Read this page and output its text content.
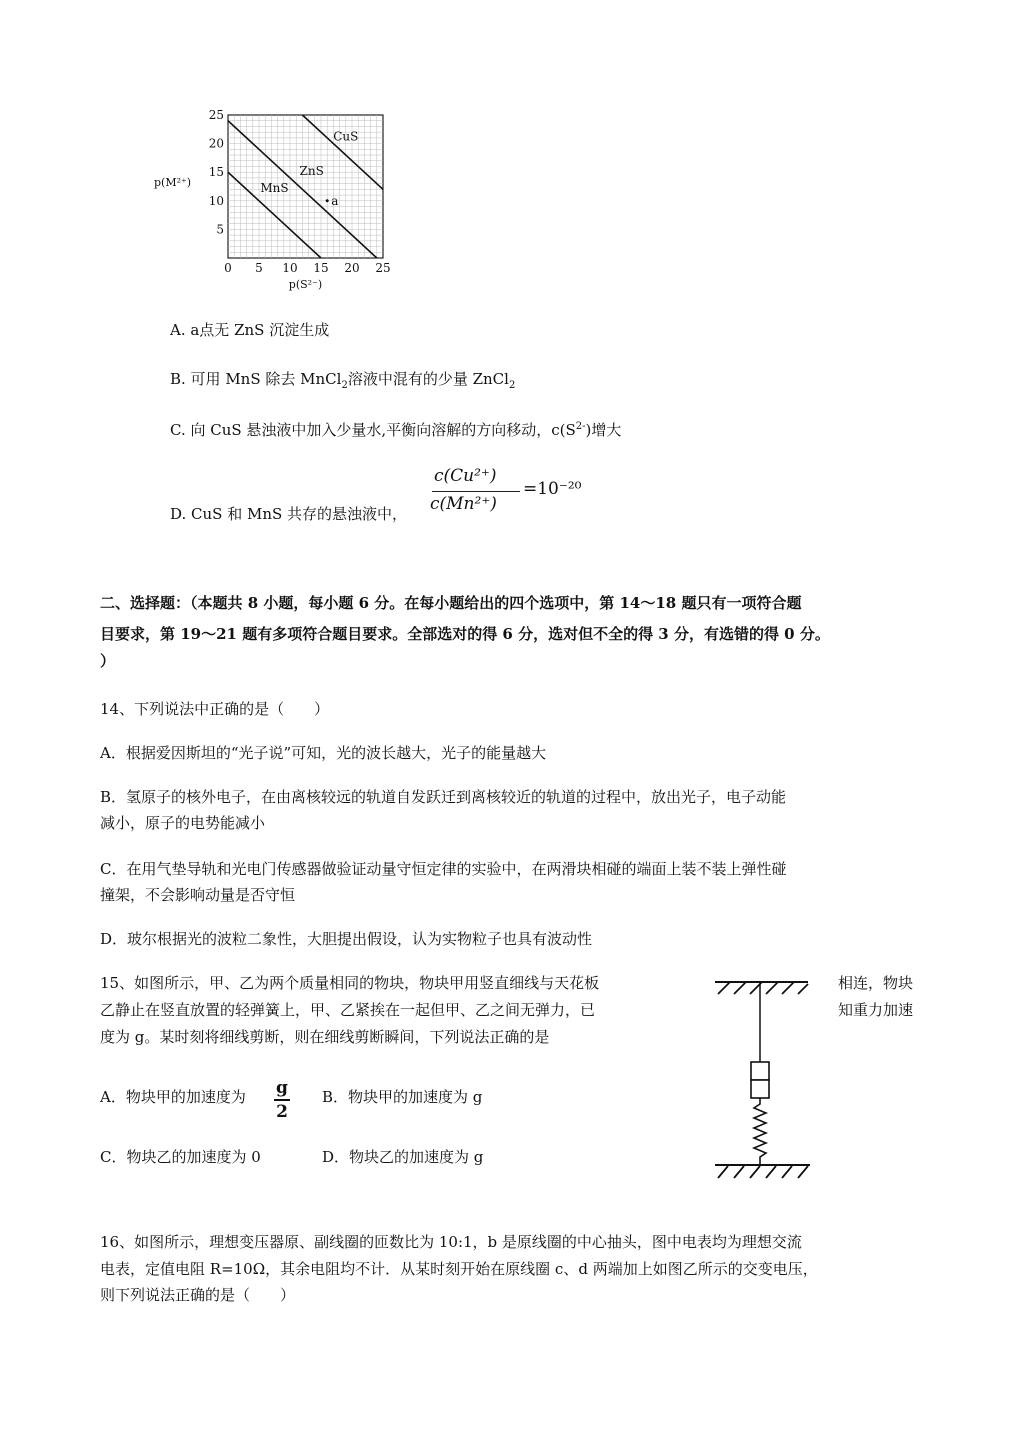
MnS
ZnS
CuS
a
0 5 10 15 20 25
5
10
15
20
25
p(M²⁺)
p(S²⁻)
A. a点无 ZnS 沉淀生成
B. 可用 MnS 除去 MnCl$_2$溶液中混有的少量 ZnCl$_2$
C. 向 CuS 悬浊液中加入少量水,平衡向溶解的方向移动，$c(S^{2-})$增大
D. CuS 和 MnS 共存的悬浊液中，
c(Cu²⁺)
c(Mn²⁺)
=10⁻²⁰
二、选择题：（本题共 8 小题，每小题 6 分。在每小题给出的四个选项中，第 14～18 题只有一项符合题
目要求，第 19～21 题有多项符合题目要求。全部选对的得 6 分，选对但不全的得 3 分，有选错的得 0 分。
）
14、下列说法中正确的是（　　）
A．根据爱因斯坦的“光子说”可知，光的波长越大，光子的能量越大
B．氢原子的核外电子，在由离核较远的轨道自发跃迁到离核较近的轨道的过程中，放出光子，电子动能
减小，原子的电势能减小
C．在用气垫导轨和光电门传感器做验证动量守恒定律的实验中，在两滑块相碰的端面上装不装上弹性碰
撞架，不会影响动量是否守恒
D．玻尔根据光的波粒二象性，大胆提出假设，认为实物粒子也具有波动性
15、如图所示，甲、乙为两个质量相同的物块，物块甲用竖直细线与天花板	相连，物块
乙静止在竖直放置的轻弹簧上，甲、乙紧挨在一起但甲、乙之间无弹力，已	知重力加速
度为 g。某时刻将细线剪断，则在细线剪断瞬间，下列说法正确的是
A．物块甲的加速度为 g
2
B．物块甲的加速度为 g
C．物块乙的加速度为 0	D．物块乙的加速度为 g
16、如图所示，理想变压器原、副线圈的匝数比为 10:1，b 是原线圈的中心抽头，图中电表均为理想交流
电表，定值电阻 R=10Ω，其余电阻均不计．从某时刻开始在原线圈 c、d 两端加上如图乙所示的交变电压，
则下列说法正确的是（　　）
